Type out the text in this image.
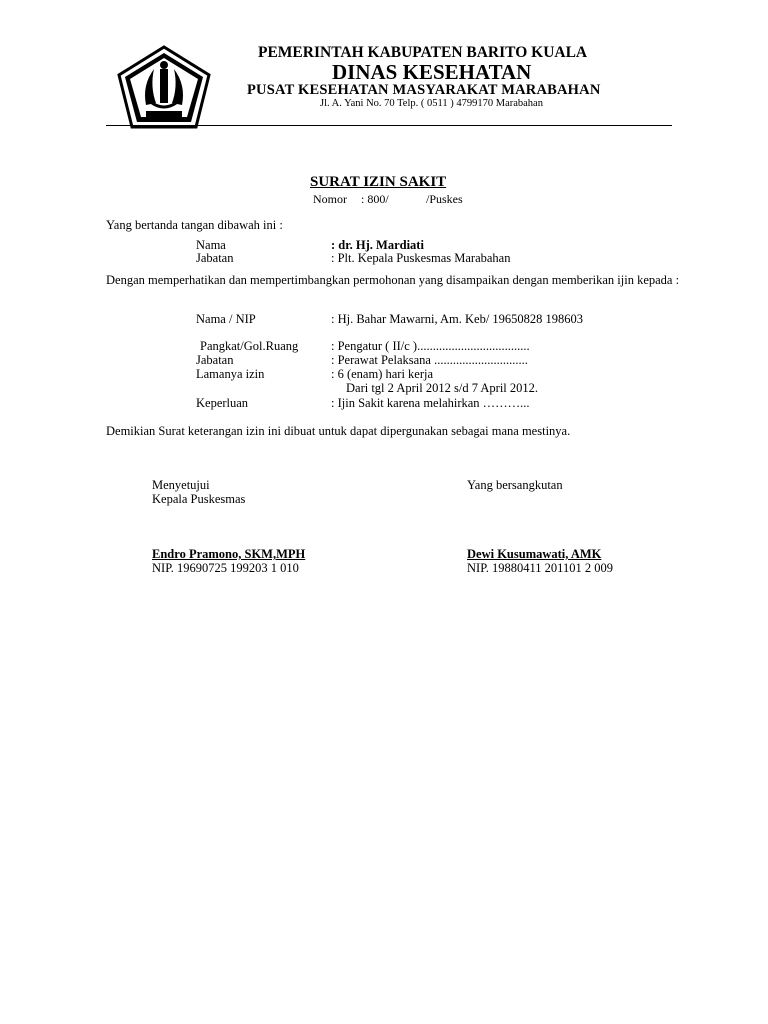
PEMERINTAH KABUPATEN BARITO KUALA
DINAS KESEHATAN
PUSAT KESEHATAN MASYARAKAT MARABAHAN
Jl. A. Yani No. 70 Telp. ( 0511 ) 4799170 Marabahan
SURAT IZIN SAKIT
Nomor : 800/	/Puskes
Yang bertanda tangan dibawah ini :
Nama	: dr. Hj. Mardiati
Jabatan	: Plt. Kepala Puskesmas Marabahan
Dengan memperhatikan dan mempertimbangkan permohonan yang disampaikan dengan memberikan ijin kepada :
Nama / NIP	: Hj. Bahar Mawarni, Am. Keb/ 19650828 198603
Pangkat/Gol.Ruang	: Pengatur ( II/c )....................................
Jabatan	: Perawat Pelaksana ..............................
Lamanya izin	: 6 (enam) hari kerja
Dari tgl 2 April 2012 s/d 7 April 2012.
Keperluan	: Ijin Sakit karena melahirkan ………...
Demikian Surat keterangan izin ini dibuat untuk dapat dipergunakan sebagai mana mestinya.
Menyetujui
Kepala Puskesmas
Yang bersangkutan
Endro Pramono, SKM,MPH
NIP. 19690725 199203 1 010
Dewi Kusumawati, AMK
NIP. 19880411 201101 2 009
